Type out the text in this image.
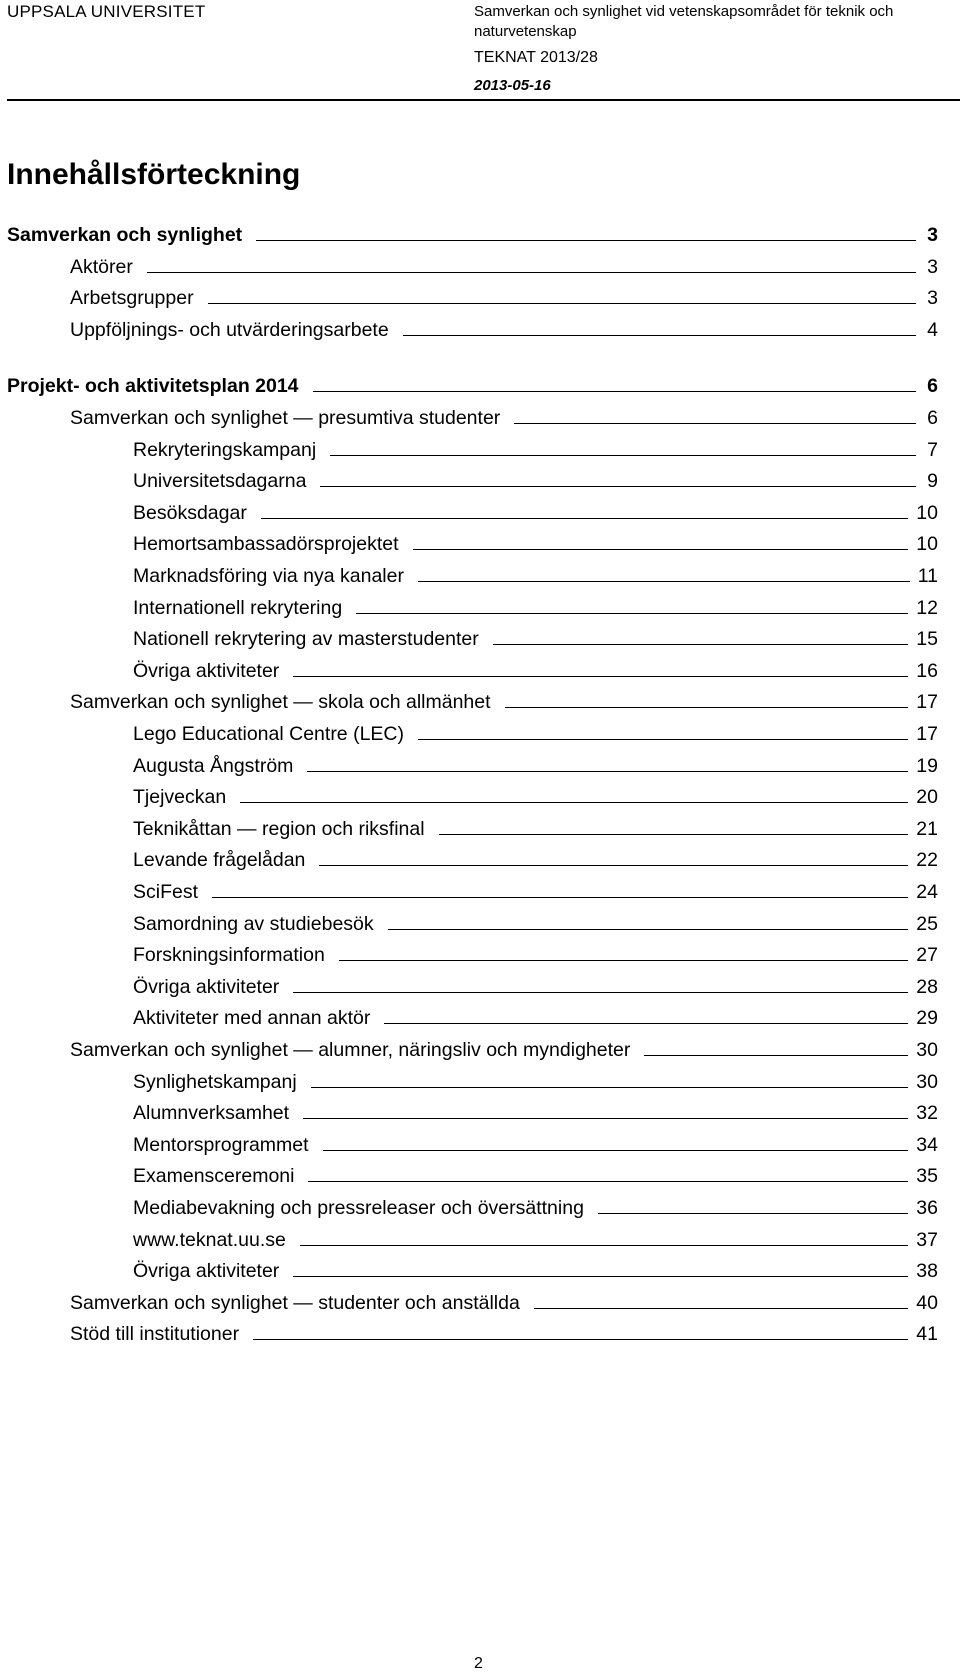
UPPSALA UNIVERSITET	Samverkan och synlighet vid vetenskapsområdet för teknik och naturvetenskap
TEKNAT 2013/28
2013-05-16
Innehållsförteckning
Samverkan och synlighet	3
Aktörer	3
Arbetsgrupper	3
Uppföljnings- och utvärderingsarbete	4
Projekt- och aktivitetsplan 2014	6
Samverkan och synlighet — presumtiva studenter	6
Rekryteringskampanj	7
Universitetsdagarna	9
Besöksdagar	10
Hemortsambassadörsprojektet	10
Marknadsföring via nya kanaler	11
Internationell rekrytering	12
Nationell rekrytering av masterstudenter	15
Övriga aktiviteter	16
Samverkan och synlighet — skola och allmänhet	17
Lego Educational Centre (LEC)	17
Augusta Ångström	19
Tjejveckan	20
Teknikåttan — region och riksfinal	21
Levande frågelådan	22
SciFest	24
Samordning av studiebesök	25
Forskningsinformation	27
Övriga aktiviteter	28
Aktiviteter med annan aktör	29
Samverkan och synlighet — alumner, näringsliv och myndigheter	30
Synlighetskampanj	30
Alumnverksamhet	32
Mentorsprogrammet	34
Examensceremoni	35
Mediabevakning och pressreleaser och översättning	36
www.teknat.uu.se	37
Övriga aktiviteter	38
Samverkan och synlighet — studenter och anställda	40
Stöd till institutioner	41
2
